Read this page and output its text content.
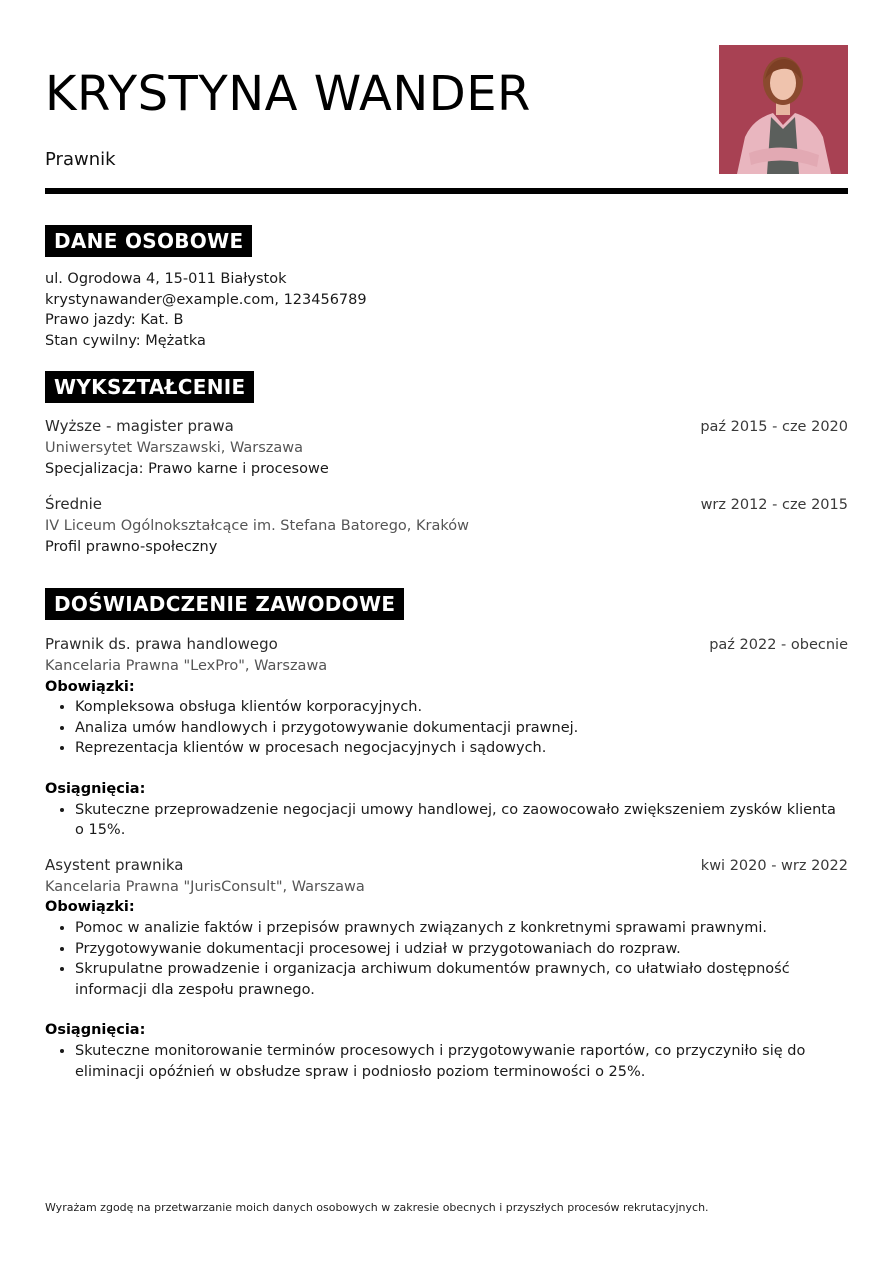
KRYSTYNA WANDER
Prawnik
DANE OSOBOWE
ul. Ogrodowa 4, 15-011 Białystok
krystynawander@example.com, 123456789
Prawo jazdy: Kat. B
Stan cywilny: Mężatka
WYKSZTAŁCENIE
Wyższe - magister prawa	paź 2015 - cze 2020
Uniwersytet Warszawski, Warszawa
Specjalizacja: Prawo karne i procesowe
Średnie	wrz 2012 - cze 2015
IV Liceum Ogólnokształcące im. Stefana Batorego, Kraków
Profil prawno-społeczny
DOŚWIADCZENIE ZAWODOWE
Prawnik ds. prawa handlowego	paź 2022 - obecnie
Kancelaria Prawna "LexPro", Warszawa
Obowiązki:
• Kompleksowa obsługa klientów korporacyjnych.
• Analiza umów handlowych i przygotowywanie dokumentacji prawnej.
• Reprezentacja klientów w procesach negocjacyjnych i sądowych.
Osiągnięcia:
• Skuteczne przeprowadzenie negocjacji umowy handlowej, co zaowocowało zwiększeniem zysków klienta o 15%.
Asystent prawnika	kwi 2020 - wrz 2022
Kancelaria Prawna "JurisConsult", Warszawa
Obowiązki:
• Pomoc w analizie faktów i przepisów prawnych związanych z konkretnymi sprawami prawnymi.
• Przygotowywanie dokumentacji procesowej i udział w przygotowaniach do rozpraw.
• Skrupulatne prowadzenie i organizacja archiwum dokumentów prawnych, co ułatwiało dostępność informacji dla zespołu prawnego.
Osiągnięcia:
• Skuteczne monitorowanie terminów procesowych i przygotowywanie raportów, co przyczyniło się do eliminacji opóźnień w obsłudze spraw i podniosło poziom terminowości o 25%.
Wyrażam zgodę na przetwarzanie moich danych osobowych w zakresie obecnych i przyszłych procesów rekrutacyjnych.
